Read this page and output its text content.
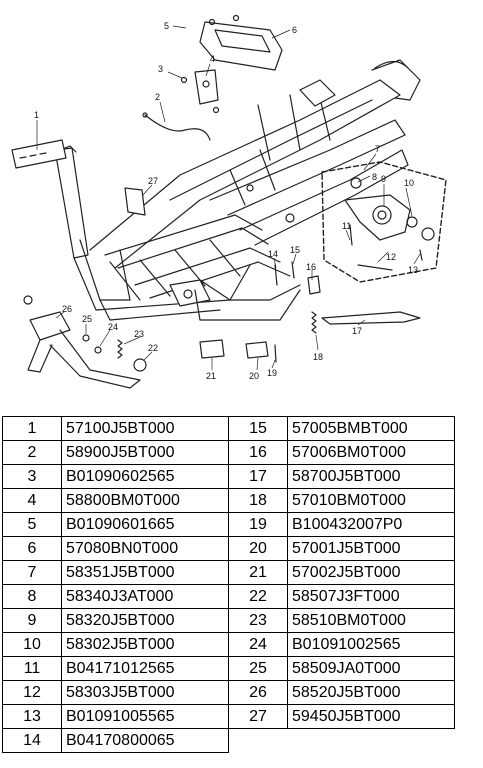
1
2
3
4
5	6
7
8 9 10
11
12
13
14 15
16
17
18
19
20
21
22
23
24
25
26
27
1	57100J5BT000	15	57005BMBT000
2	58900J5BT000	16	57006BM0T000
3	B01090602565	17	58700J5BT000
4	58800BM0T000	18	57010BM0T000
5	B01090601665	19	B100432007P0
6	57080BN0T000	20	57001J5BT000
7	58351J5BT000	21	57002J5BT000
8	58340J3AT000	22	58507J3FT000
9	58320J5BT000	23	58510BM0T000
10	58302J5BT000	24	B01091002565
11	B04171012565	25	58509JA0T000
12	58303J5BT000	26	58520J5BT000
13	B01091005565	27	59450J5BT000
14	B04170800065		
